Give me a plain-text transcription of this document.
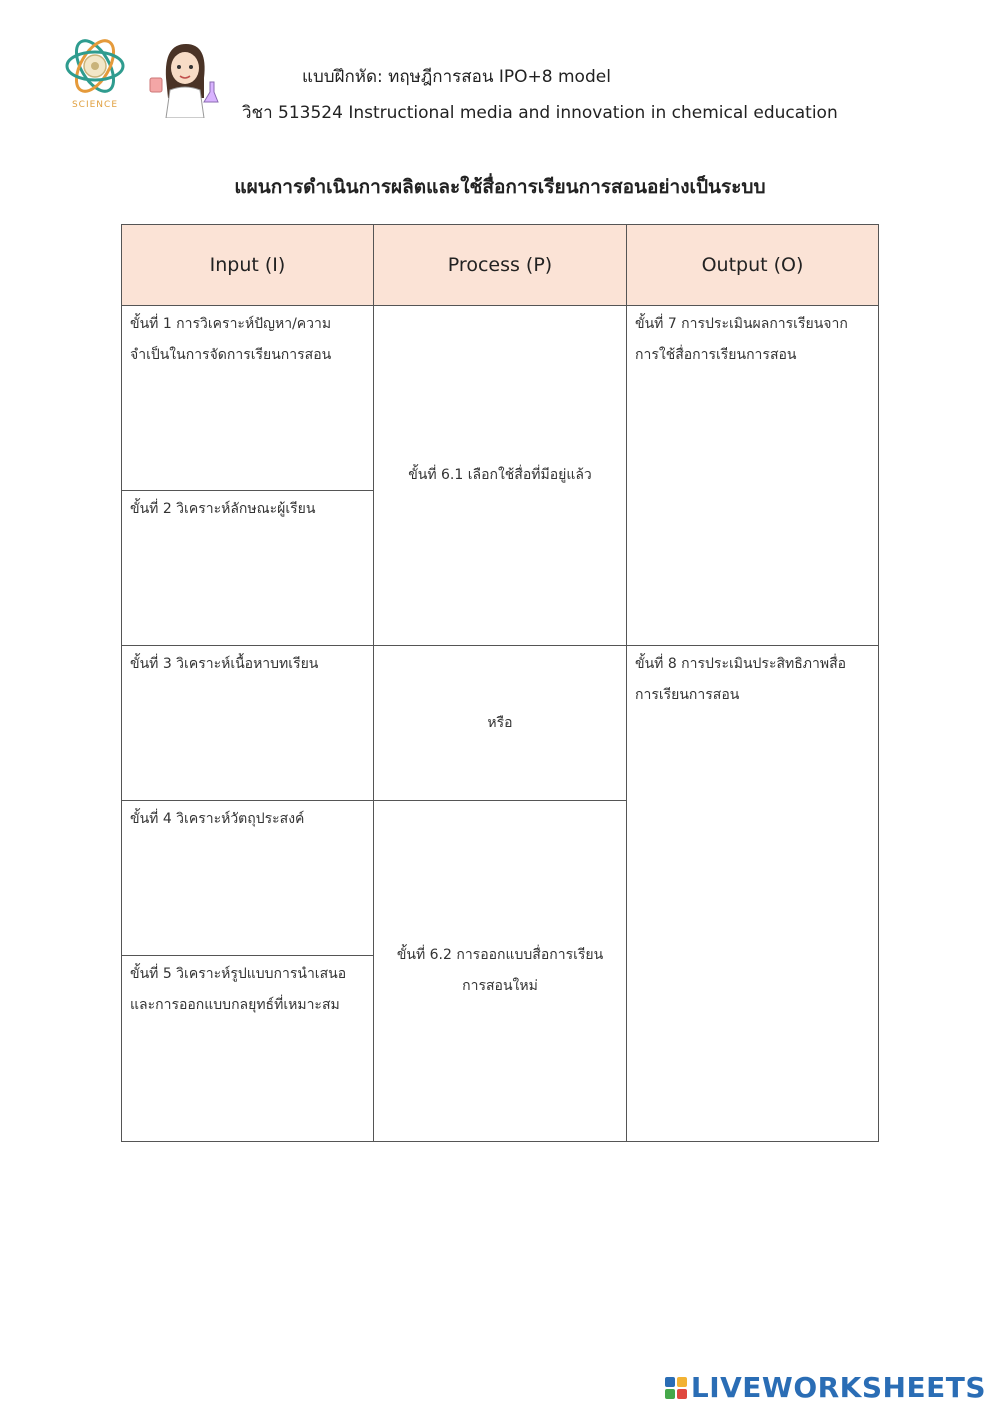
SCIENCE
แบบฝึกหัด: ทฤษฎีการสอน IPO+8 model
วิชา 513524 Instructional media and innovation in chemical education
แผนการดำเนินการผลิตและใช้สื่อการเรียนการสอนอย่างเป็นระบบ
Input (I)	Process (P)	Output (O)
ขั้นที่ 1 การวิเคราะห์ปัญหา/ความ
จำเป็นในการจัดการเรียนการสอน
ขั้นที่ 2 วิเคราะห์ลักษณะผู้เรียน
ขั้นที่ 3 วิเคราะห์เนื้อหาบทเรียน
ขั้นที่ 4 วิเคราะห์วัตถุประสงค์
ขั้นที่ 5 วิเคราะห์รูปแบบการนำเสนอ
และการออกแบบกลยุทธ์ที่เหมาะสม
ขั้นที่ 6.1 เลือกใช้สื่อที่มีอยู่แล้ว
หรือ
ขั้นที่ 6.2 การออกแบบสื่อการเรียน
การสอนใหม่
ขั้นที่ 7 การประเมินผลการเรียนจาก
การใช้สื่อการเรียนการสอน
ขั้นที่ 8 การประเมินประสิทธิภาพสื่อ
การเรียนการสอน
LIVEWORKSHEETS
